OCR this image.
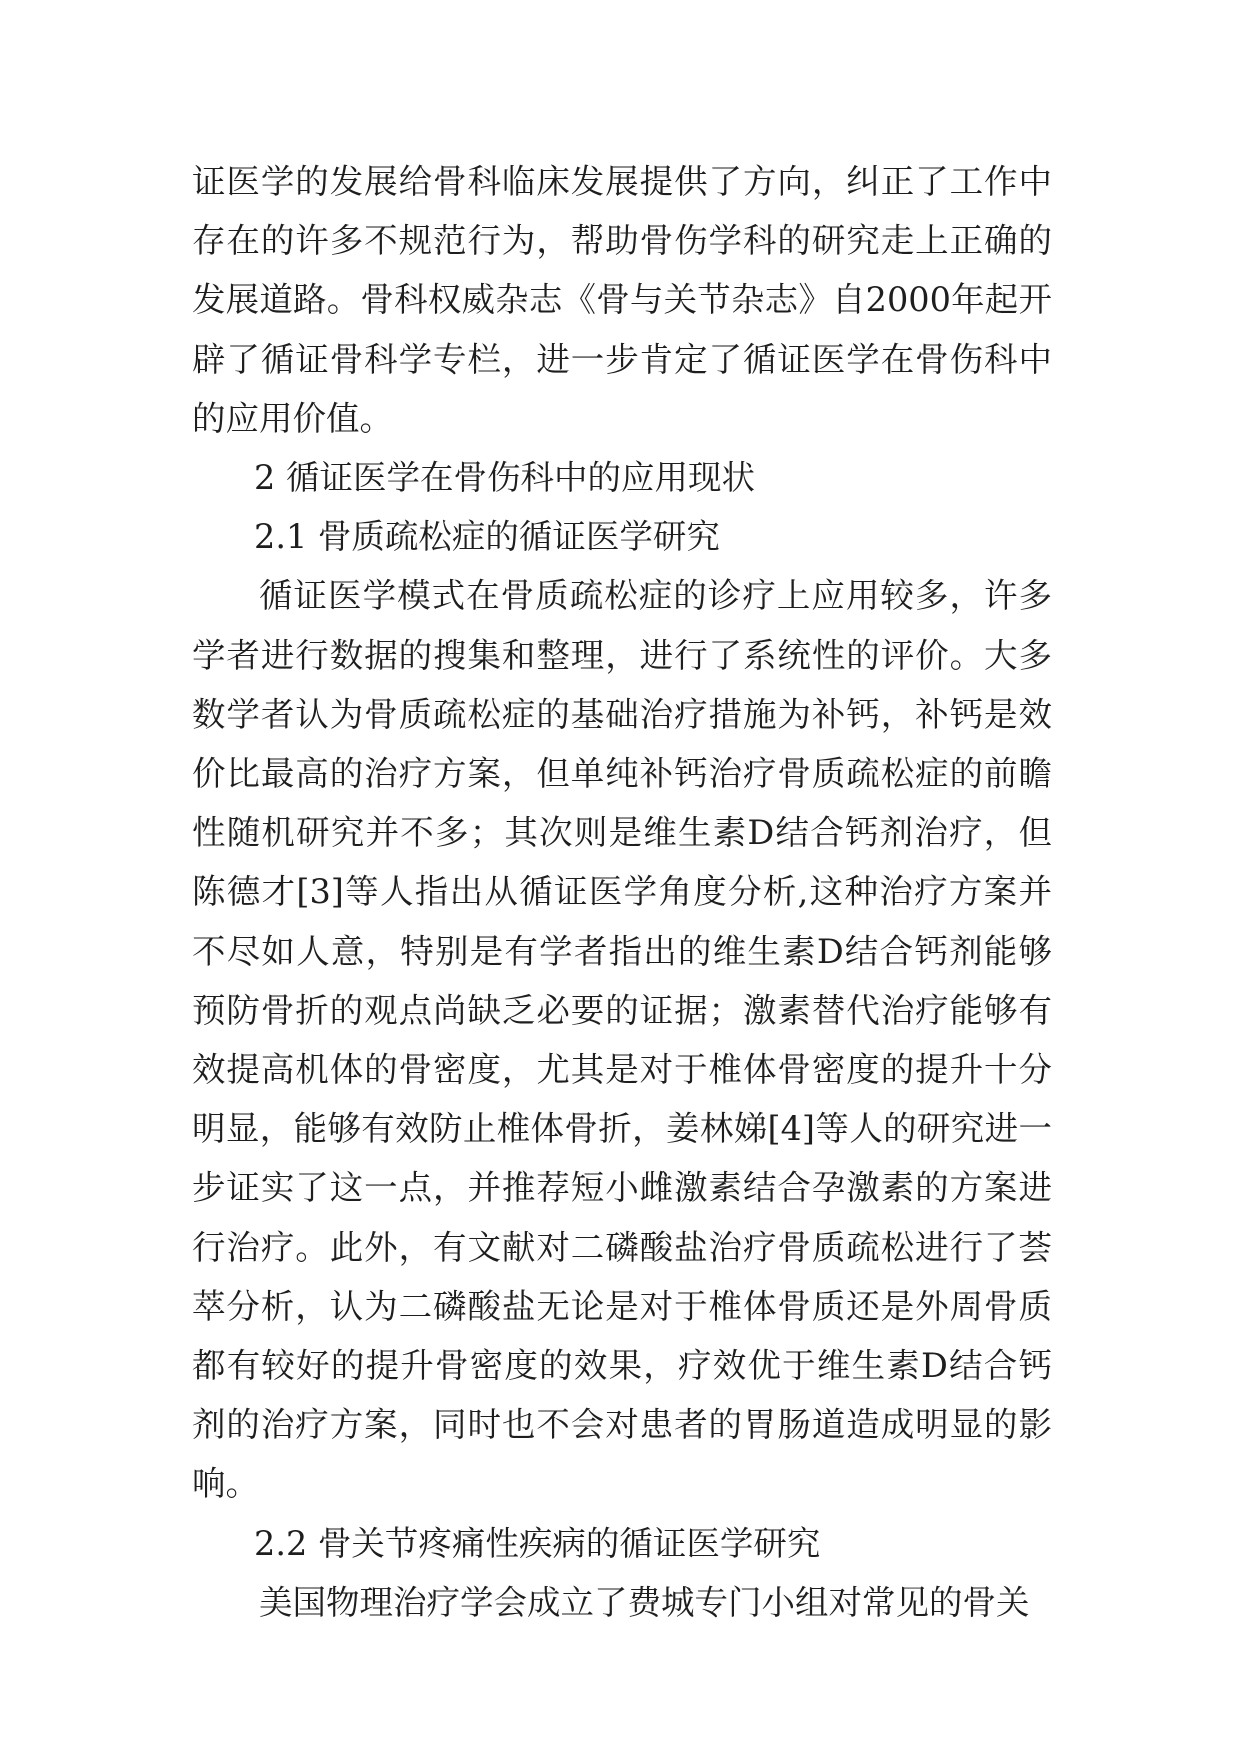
证医学的发展给骨科临床发展提供了方向，纠正了工作中存在的许多不规范行为，帮助骨伤学科的研究走上正确的发展道路。骨科权威杂志《骨与关节杂志》自2000年起开辟了循证骨科学专栏，进一步肯定了循证医学在骨伤科中的应用价值。

2 循证医学在骨伤科中的应用现状

2.1 骨质疏松症的循证医学研究

循证医学模式在骨质疏松症的诊疗上应用较多，许多学者进行数据的搜集和整理，进行了系统性的评价。大多数学者认为骨质疏松症的基础治疗措施为补钙，补钙是效价比最高的治疗方案，但单纯补钙治疗骨质疏松症的前瞻性随机研究并不多；其次则是维生素D结合钙剂治疗，但陈德才[3]等人指出从循证医学角度分析,这种治疗方案并不尽如人意，特别是有学者指出的维生素D结合钙剂能够预防骨折的观点尚缺乏必要的证据；激素替代治疗能够有效提高机体的骨密度，尤其是对于椎体骨密度的提升十分明显，能够有效防止椎体骨折，姜林娣[4]等人的研究进一步证实了这一点，并推荐短小雌激素结合孕激素的方案进行治疗。此外，有文献对二磷酸盐治疗骨质疏松进行了荟萃分析，认为二磷酸盐无论是对于椎体骨质还是外周骨质都有较好的提升骨密度的效果，疗效优于维生素D结合钙剂的治疗方案，同时也不会对患者的胃肠道造成明显的影响。

2.2 骨关节疼痛性疾病的循证医学研究

美国物理治疗学会成立了费城专门小组对常见的骨关
